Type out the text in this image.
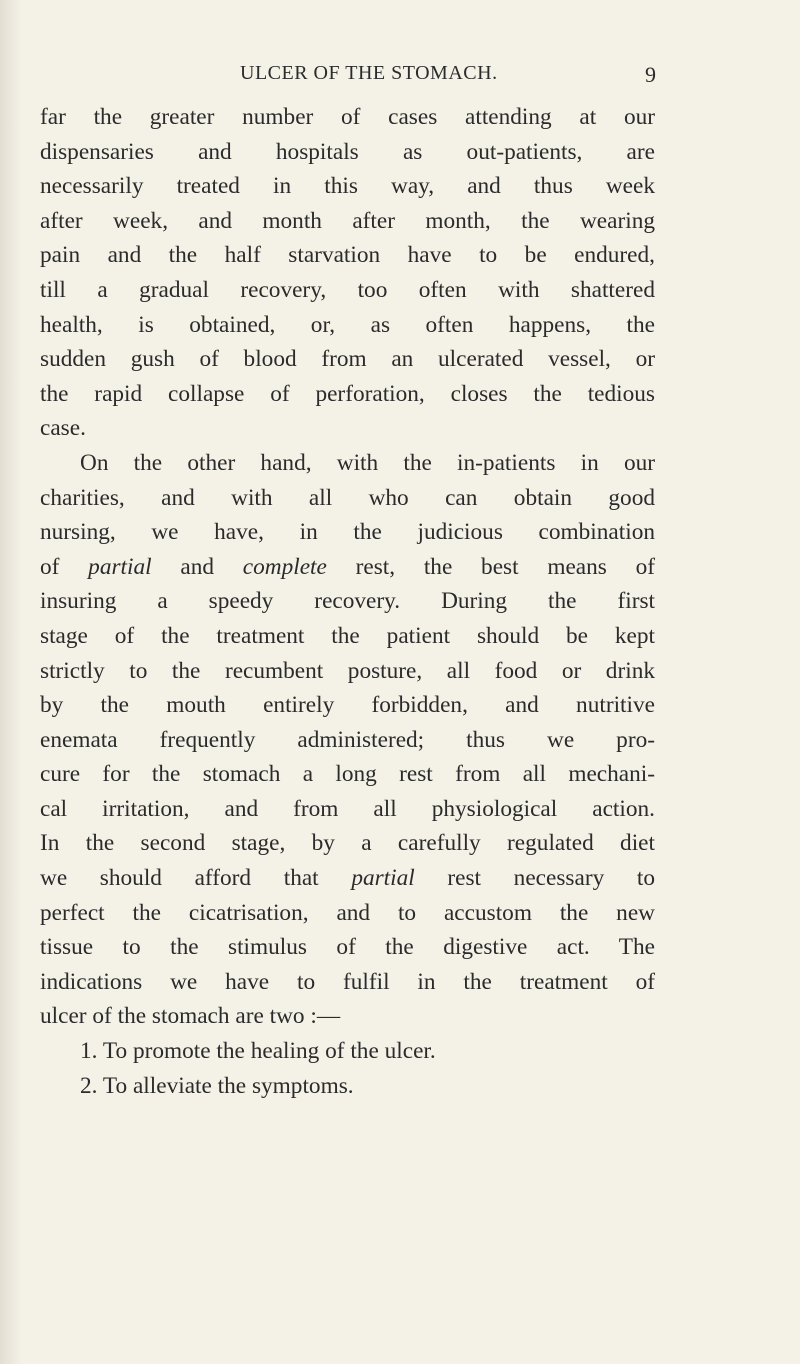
ULCER OF THE STOMACH.	9
far the greater number of cases attending at our
dispensaries and hospitals as out-patients, are
necessarily treated in this way, and thus week
after week, and month after month, the wearing
pain and the half starvation have to be endured,
till a gradual recovery, too often with shattered
health, is obtained, or, as often happens, the
sudden gush of blood from an ulcerated vessel, or
the rapid collapse of perforation, closes the tedious
case.
On the other hand, with the in-patients in our
charities, and with all who can obtain good
nursing, we have, in the judicious combination
of partial and complete rest, the best means of
insuring a speedy recovery. During the first
stage of the treatment the patient should be kept
strictly to the recumbent posture, all food or drink
by the mouth entirely forbidden, and nutritive
enemata frequently administered; thus we pro-
cure for the stomach a long rest from all mechani-
cal irritation, and from all physiological action.
In the second stage, by a carefully regulated diet
we should afford that partial rest necessary to
perfect the cicatrisation, and to accustom the new
tissue to the stimulus of the digestive act. The
indications we have to fulfil in the treatment of
ulcer of the stomach are two :—
1. To promote the healing of the ulcer.
2. To alleviate the symptoms.
